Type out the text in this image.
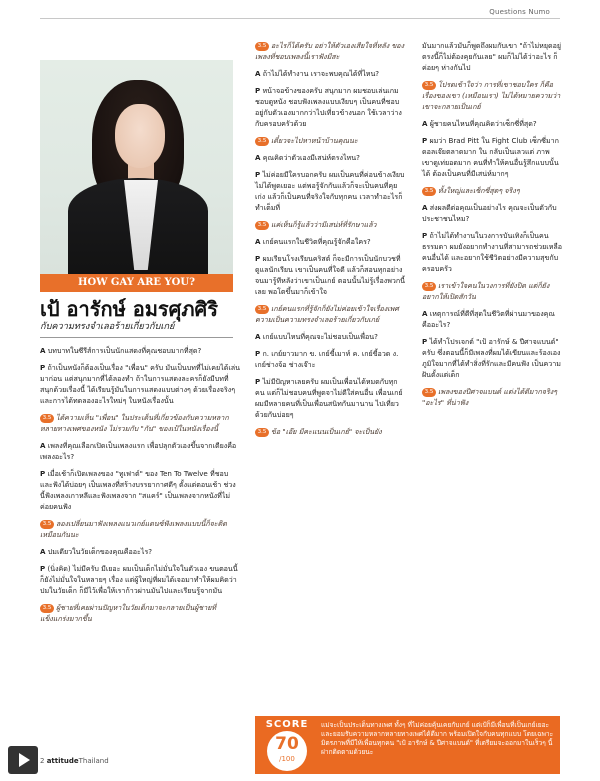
Questions Numo
HOW GAY ARE YOU?
เป้ อารักษ์ อมรศุภศิริ
กับความทรงจำเลอร้ายเกี่ยวกับเกย์

A บทบาทในซีรีส์การเป็นนักแสดงที่คุณชอบมากที่สุด?

P ถ้าเป็นหนังก็ต้องเป็นเรื่อง "เพื่อน" ครับ มันเป็นบทที่ไม่เคยได้เล่นมาก่อน แต่สนุกมากที่ได้ลองทำ ถ้าในการแสดงละครก็ยังมีบทที่สนุกด้วยเรื่องนี้ ได้เรียนรู้มันในการแสดงแบบต่างๆ ด้วยเรื่องจริงๆ และการได้ทดลองอะไรใหม่ๆ ในหนังเรื่องนั้น

3.5 ได้ความเห็น "เพื่อน" ในประเด็นที่เกี่ยวข้องกับความหลากหลายทางเพศของหนัง ไม่รวมกับ "กัน" ของเป้ในหนังเรื่องนี้

A เพลงที่คุณเลือกเปิดเป็นเพลงแรก เพื่อปลุกตัวเองขึ้นจากเตียงคือเพลงอะไร?

P เมื่อเช้าก็เปิดเพลงของ "ทูเฟาต์" ของ Ten To Twelve ที่ชอบและฟังได้บ่อยๆ เป็นเพลงที่สร้างบรรยากาศดีๆ ตั้งแต่ตอนเช้า ช่วงนี้ฟังเพลงเกาหลีและฟังเพลงจาก "สแคร์" เป็นเพลงจากหนังที่ไม่ค่อยคนฟัง

3.5 ลองเปลี่ยนมาฟังเพลงแนวเกย์แดนซ์ฟังเพลงแบบนี้ก็จะติดเหมือนกันนะ

A ปมเดียวในวัยเด็กของคุณคืออะไร?

P (นิ่งคิด) ไม่มีครับ มีเยอะ ผมเป็นเด็กไม่มั่นใจในตัวเอง ขนตอนนี้ก็ยังไม่มั่นใจในหลายๆ เรื่อง แต่ผู้ใหญ่ที่ผมได้เจอมาทำให้ผมคิดว่าปมในวัยเด็ก ก็มีไว้เพื่อให้เราก้าวผ่านมันไปและเรียนรู้จากมัน

3.5 ผู้ชายที่เคยผ่านปัญหาในวัยเด็กมาจะกลายเป็นผู้ชายที่แข็งแกร่งมากขึ้น

3.5 อะไรก็ได้ครับ อย่าให้ตัวเองเสียใจที่หลัง ของเพลงที่ชอบเพลงนี้เราฟังมีสะ

A ถ้าไม่ได้ทำงาน เราจะพบคุณได้ที่ไหน?

P หน้าจอข้างของครับ สนุกมาก ผมชอบเล่นเกม ชอบดูหนัง ชอบฟังเพลงแบบเงียบๆ เป็นคนที่ชอบอยู่กับตัวเองมากกว่าไปเที่ยวข้างนอก ใช้เวลาว่างกับครอบครัวด้วย

3.5 เดี๋ยวจะไปหาหน้าบ้านคุณนะ

A คุณคิดว่าตัวเองมีเสน่ห์ตรงไหน?

P ไม่ค่อยมีใครบอกครับ ผมเป็นคนที่ค่อนข้างเงียบ ไม่ได้พูดเยอะ แต่พอรู้จักกันแล้วก็จะเป็นคนที่คุยเก่ง แล้วก็เป็นคนที่จริงใจกับทุกคน เวลาทำอะไรก็ทำเต็มที่

3.5 แค่เห็นก็รู้แล้วว่ามีเสน่ห์ที่รักษาแล้ว

A เกย์คนแรกในชีวิตที่คุณรู้จักคือใคร?

P ผมเรียนโรงเรียนคริสต์ ก็จะมีการเป็นนักบวชที่ดูแลนักเรียน เขาเป็นคนที่ใจดี แล้วก็สอนทุกอย่าง จนมารู้ทีหลังว่าเขาเป็นเกย์ ตอนนั้นไม่รู้เรื่องพวกนี้เลย พอโตขึ้นมาก็เข้าใจ

3.5 เกย์คนแรกที่รู้จักก็ยังไม่ค่อยเข้าใจเรื่องเพศ ความเป็นความทรงจำเลอร้ายเกี่ยวกับเกย์

A เกย์แบบไหนที่คุณจะไม่ชอบเป็นเพื่อน?

P ก. เกย์ยาวมาก ข. เกย์ขี้เมาท์ ค. เกย์ขี้อวด ง. เกย์ช่างจ้อ ช่างเจ๊าะ

P ไม่มีปัญหาเลยครับ ผมเป็นเพื่อนได้หมดกับทุกคน แต่ก็ไม่ชอบคนที่พูดจาไม่ดีใส่คนอื่น เพื่อนเกย์ผมมีหลายคนที่เป็นเพื่อนสนิทกันมานาน ไปเที่ยวด้วยกันบ่อยๆ

3.5 ข้อ "เอ๊ย มีคะแนนเป็นเกย์" จะเป็นยัง

มันมากแล้วมันก็พูดถึงผมกับเขา "ถ้าไม่หยุดอยู่ตรงนี้ก็ไม่ต้องคุยกันเลย" ผมก็ไม่ได้ว่าอะไร ก็ค่อยๆ ห่างกันไป

3.5 โปรดเข้าใจว่า การที่เขาชอบใคร ก็คือเรื่องของเขา (เหมือนเรา) ไม่ได้หมายความว่าเขาจะกลายเป็นเกย์

A ผู้ชายคนไหนที่คุณคิดว่าเซ็กซี่ที่สุด?

P ผมว่า Brad Pitt ใน Fight Club เซ็กซี่มาก ดอลเจ๊ยตลาดมาก ใน กลับเป็นเลวแต่ ภาพ เขาดูเท่ยอดมาก คนที่ทำให้คนอื่นรู้สึกแบบนั้นได้ ต้องเป็นคนที่มีเสน่ห์มากๆ

3.5 ทั้งใหญ่และเซ็กซี่สุดๆ จริงๆ

A ส่งผลดีต่อคุณเป็นอย่างไร คุณจะเป็นตัวกับประชาชนไหม?

P ถ้าไม่ได้ทำงานในวงการบันเทิงก็เป็นคนธรรมดา ผมยังอยากทำงานที่สามารถช่วยเหลือคนอื่นได้ และอยากใช้ชีวิตอย่างมีความสุขกับครอบครัว

3.5 เราเข้าใจคนในวงการที่ยังปิด แต่ก็ยังอยากให้เปิดสักวัน

A เหตุการณ์ที่ดีที่สุดในชีวิตที่ผ่านมาของคุณคืออะไร?

P ได้ทำโปรเจกต์ "เป้ อารักษ์ & ปีศาจแบนด์" ครับ ซึ่งตอนนี้ก็มีเพลงที่ผมได้เขียนและร้องเอง ภูมิใจมากที่ได้ทำสิ่งที่รักและมีคนฟัง เป็นความฝันตั้งแต่เด็ก

3.5 เพลงของปีศาจแบนด์ แต่งได้ดีมากจริงๆ "อะไร" ที่น่าฟัง

SCORE
70
/100
แม่จะเป็นประเด็นทางเพศ ทั้งๆ ที่ไม่ค่อยคุ้นเคยกับเกย์ แต่เป้ก็มีเพื่อนที่เป็นเกย์เยอะ และยอมรับความหลากหลายทางเพศได้ดีมาก พร้อมเปิดใจกับคนทุกแบบ โดยเฉพาะมิตรภาพที่มีให้เพื่อนทุกคน "เป้ อารักษ์ & ปีศาจแบนด์" ที่เตรียมจะออกมาในเร็วๆ นี้ ฝากติดตามด้วยนะ
2 attitudeThailand
